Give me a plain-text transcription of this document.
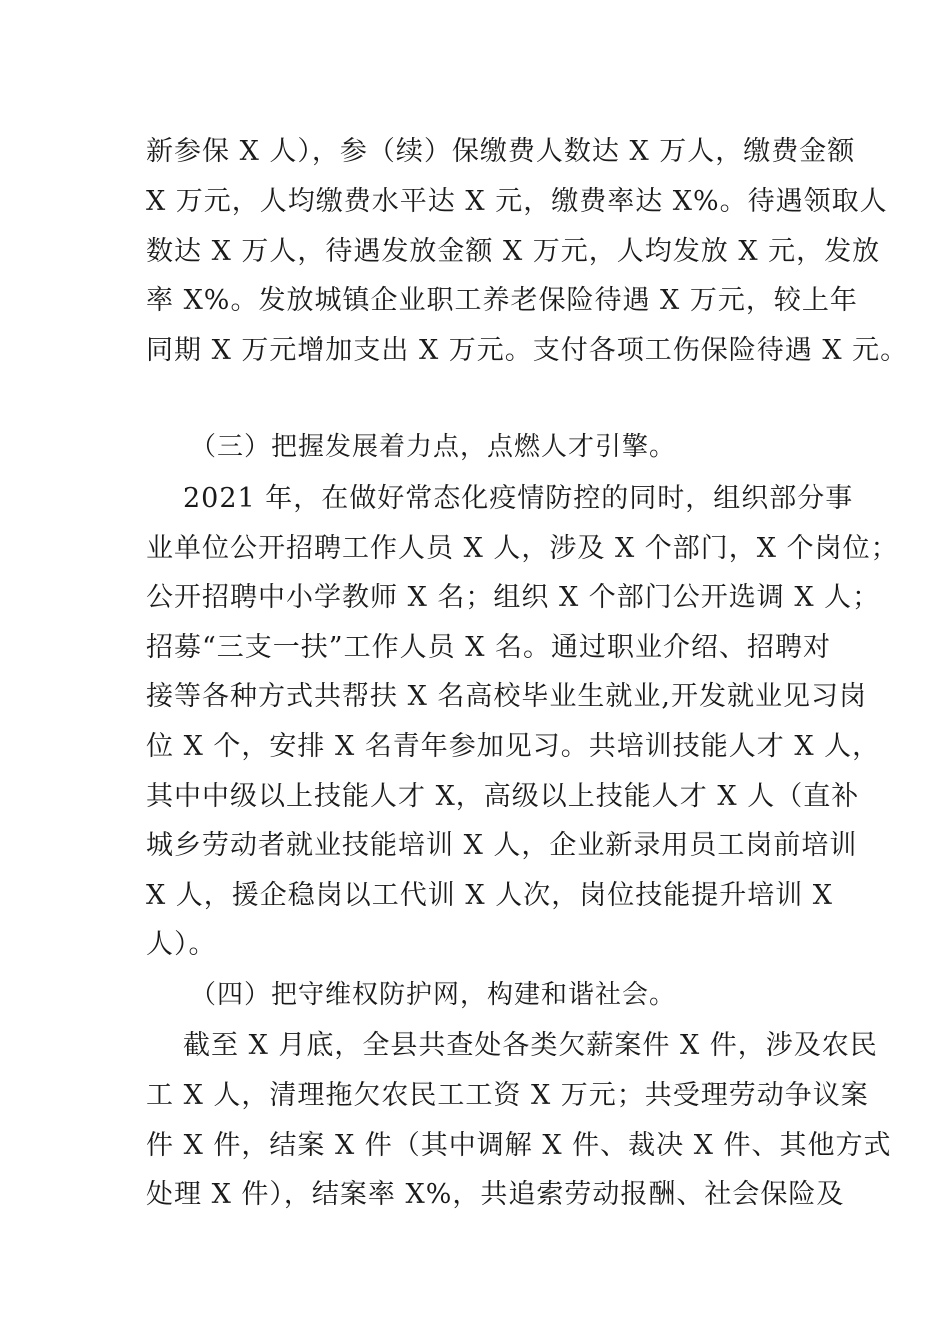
新参保 X 人），参（续）保缴费人数达 X 万人，缴费金额
X 万元，人均缴费水平达 X 元，缴费率达 X%。待遇领取人
数达 X 万人，待遇发放金额 X 万元，人均发放 X 元，发放
率 X%。发放城镇企业职工养老保险待遇 X 万元，较上年
同期 X 万元增加支出 X 万元。支付各项工伤保险待遇 X 元。
（三）把握发展着力点，点燃人才引擎。
2021 年，在做好常态化疫情防控的同时，组织部分事
业单位公开招聘工作人员 X 人，涉及 X 个部门，X 个岗位；
公开招聘中小学教师 X 名；组织 X 个部门公开选调 X 人；
招募“三支一扶”工作人员 X 名。通过职业介绍、招聘对
接等各种方式共帮扶 X 名高校毕业生就业,开发就业见习岗
位 X 个，安排 X 名青年参加见习。共培训技能人才 X 人，
其中中级以上技能人才 X，高级以上技能人才 X 人（直补
城乡劳动者就业技能培训 X 人，企业新录用员工岗前培训
X 人，援企稳岗以工代训 X 人次，岗位技能提升培训 X
人）。
（四）把守维权防护网，构建和谐社会。
截至 X 月底，全县共查处各类欠薪案件 X 件，涉及农民
工 X 人，清理拖欠农民工工资 X 万元；共受理劳动争议案
件 X 件，结案 X 件（其中调解 X 件、裁决 X 件、其他方式
处理 X 件），结案率 X%，共追索劳动报酬、社会保险及
